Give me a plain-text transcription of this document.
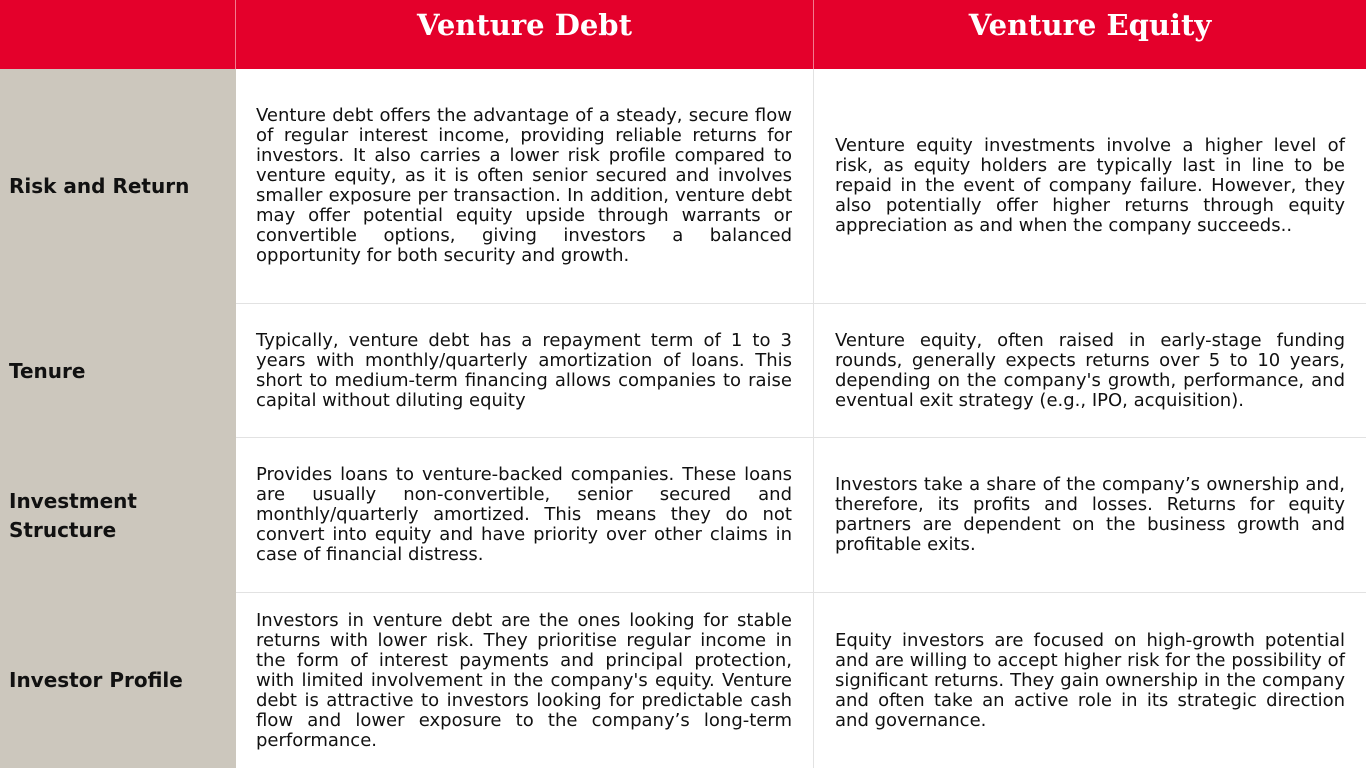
Venture Debt	Venture Equity
Risk and Return

Venture debt offers the advantage of a steady, secure flow of regular interest income, providing reliable returns for investors. It also carries a lower risk profile compared to venture equity, as it is often senior secured and involves smaller exposure per transaction. In addition, venture debt may offer potential equity upside through warrants or convertible options, giving investors a balanced opportunity for both security and growth.

Venture equity investments involve a higher level of risk, as equity holders are typically last in line to be repaid in the event of company failure. However, they also potentially offer higher returns through equity appreciation as and when the company succeeds..

Tenure

Typically, venture debt has a repayment term of 1 to 3 years with monthly/quarterly amortization of loans. This short to medium-term financing allows companies to raise capital without diluting equity

Venture equity, often raised in early-stage funding rounds, generally expects returns over 5 to 10 years, depending on the company's growth, performance, and eventual exit strategy (e.g., IPO, acquisition).

Investment Structure

Provides loans to venture-backed companies. These loans are usually non-convertible, senior secured and monthly/quarterly amortized. This means they do not convert into equity and have priority over other claims in case of financial distress.

Investors take a share of the company’s ownership and, therefore, its profits and losses. Returns for equity partners are dependent on the business growth and profitable exits.

Investor Profile

Investors in venture debt are the ones looking for stable returns with lower risk. They prioritise regular income in the form of interest payments and principal protection, with limited involvement in the company's equity. Venture debt is attractive to investors looking for predictable cash flow and lower exposure to the company’s long-term performance.

Equity investors are focused on high-growth potential and are willing to accept higher risk for the possibility of significant returns. They gain ownership in the company and often take an active role in its strategic direction and governance.
